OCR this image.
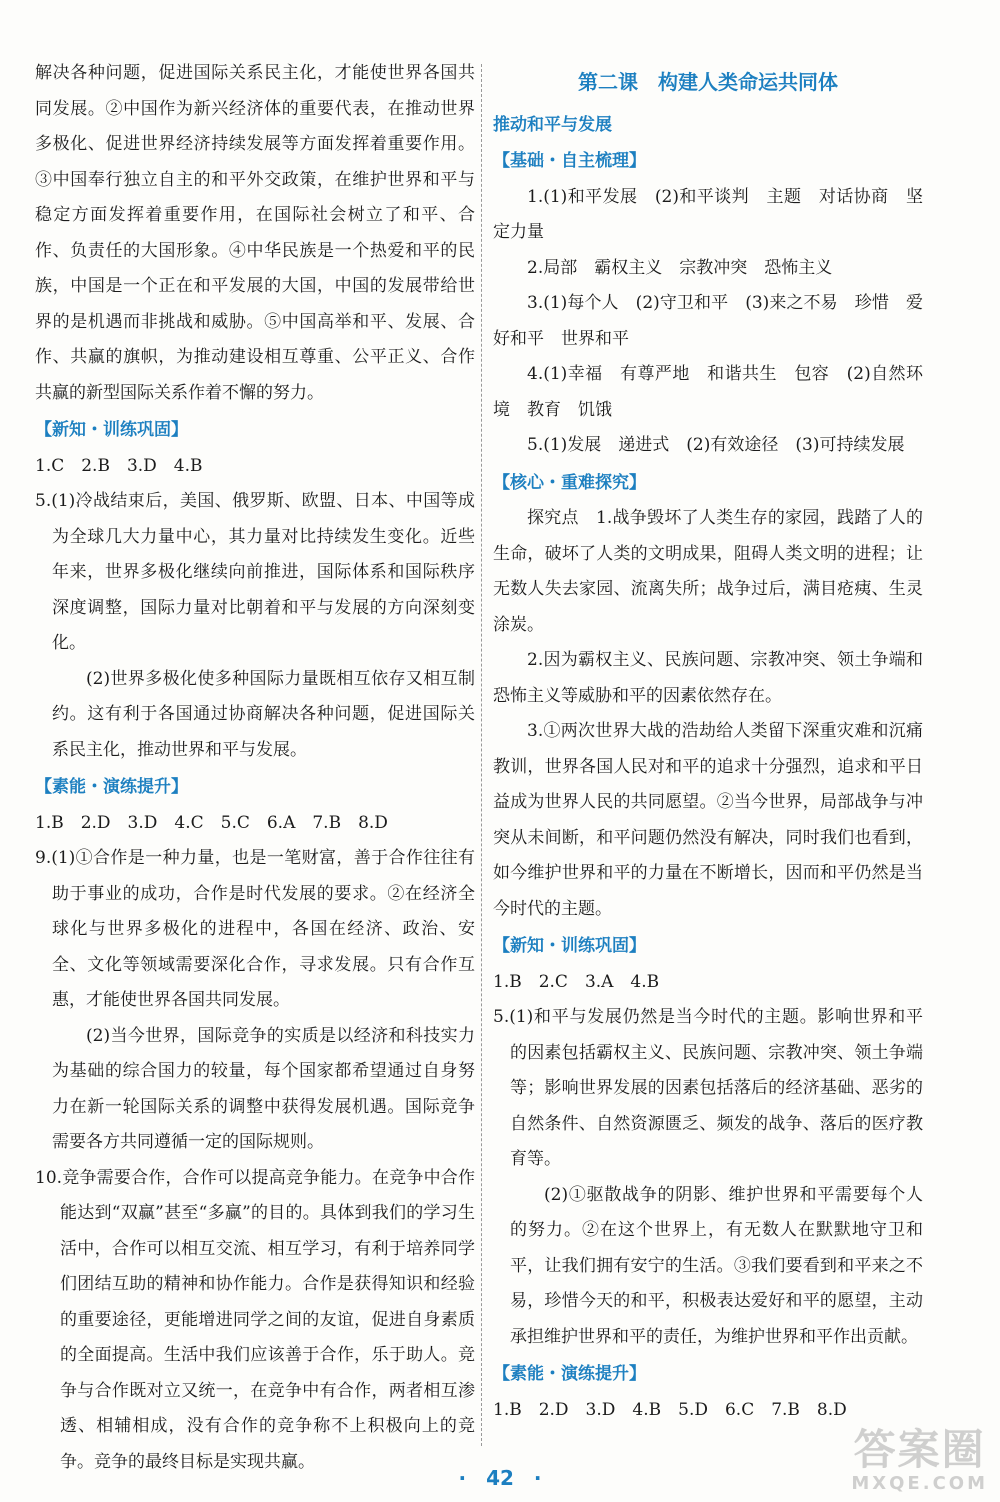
解决各种问题，促进国际关系民主化，才能使世界各国共同发展。②中国作为新兴经济体的重要代表，在推动世界多极化、促进世界经济持续发展等方面发挥着重要作用。③中国奉行独立自主的和平外交政策，在维护世界和平与稳定方面发挥着重要作用，在国际社会树立了和平、合作、负责任的大国形象。④中华民族是一个热爱和平的民族，中国是一个正在和平发展的大国，中国的发展带给世界的是机遇而非挑战和威胁。⑤中国高举和平、发展、合作、共赢的旗帜，为推动建设相互尊重、公平正义、合作共赢的新型国际关系作着不懈的努力。

【新知・训练巩固】

1.C　2.B　3.D　4.B

5.(1)冷战结束后，美国、俄罗斯、欧盟、日本、中国等成为全球几大力量中心，其力量对比持续发生变化。近些年来，世界多极化继续向前推进，国际体系和国际秩序深度调整，国际力量对比朝着和平与发展的方向深刻变化。

(2)世界多极化使多种国际力量既相互依存又相互制约。这有利于各国通过协商解决各种问题，促进国际关系民主化，推动世界和平与发展。

【素能・演练提升】

1.B　2.D　3.D　4.C　5.C　6.A　7.B　8.D

9.(1)①合作是一种力量，也是一笔财富，善于合作往往有助于事业的成功，合作是时代发展的要求。②在经济全球化与世界多极化的进程中，各国在经济、政治、安全、文化等领域需要深化合作，寻求发展。只有合作互惠，才能使世界各国共同发展。

(2)当今世界，国际竞争的实质是以经济和科技实力为基础的综合国力的较量，每个国家都希望通过自身努力在新一轮国际关系的调整中获得发展机遇。国际竞争需要各方共同遵循一定的国际规则。

10.竞争需要合作，合作可以提高竞争能力。在竞争中合作能达到“双赢”甚至“多赢”的目的。具体到我们的学习生活中，合作可以相互交流、相互学习，有利于培养同学们团结互助的精神和协作能力。合作是获得知识和经验的重要途径，更能增进同学之间的友谊，促进自身素质的全面提高。生活中我们应该善于合作，乐于助人。竞争与合作既对立又统一，在竞争中有合作，两者相互渗透、相辅相成，没有合作的竞争称不上积极向上的竞争。竞争的最终目标是实现共赢。

第二课　构建人类命运共同体

推动和平与发展

【基础・自主梳理】

1.(1)和平发展　(2)和平谈判　主题　对话协商　坚定力量

2.局部　霸权主义　宗教冲突　恐怖主义

3.(1)每个人　(2)守卫和平　(3)来之不易　珍惜　爱好和平　世界和平

4.(1)幸福　有尊严地　和谐共生　包容　(2)自然环境　教育　饥饿

5.(1)发展　递进式　(2)有效途径　(3)可持续发展

【核心・重难探究】

探究点　1.战争毁坏了人类生存的家园，践踏了人的生命，破坏了人类的文明成果，阻碍人类文明的进程；让无数人失去家园、流离失所；战争过后，满目疮痍、生灵涂炭。

2.因为霸权主义、民族问题、宗教冲突、领土争端和恐怖主义等威胁和平的因素依然存在。

3.①两次世界大战的浩劫给人类留下深重灾难和沉痛教训，世界各国人民对和平的追求十分强烈，追求和平日益成为世界人民的共同愿望。②当今世界，局部战争与冲突从未间断，和平问题仍然没有解决，同时我们也看到，如今维护世界和平的力量在不断增长，因而和平仍然是当今时代的主题。

【新知・训练巩固】

1.B　2.C　3.A　4.B

5.(1)和平与发展仍然是当今时代的主题。影响世界和平的因素包括霸权主义、民族问题、宗教冲突、领土争端等；影响世界发展的因素包括落后的经济基础、恶劣的自然条件、自然资源匮乏、频发的战争、落后的医疗教育等。

(2)①驱散战争的阴影、维护世界和平需要每个人的努力。②在这个世界上，有无数人在默默地守卫和平，让我们拥有安宁的生活。③我们要看到和平来之不易，珍惜今天的和平，积极表达爱好和平的愿望，主动承担维护世界和平的责任，为维护世界和平作出贡献。

【素能・演练提升】

1.B　2.D　3.D　4.B　5.D　6.C　7.B　8.D

·　42　·
答案圈
MXQE.COM
